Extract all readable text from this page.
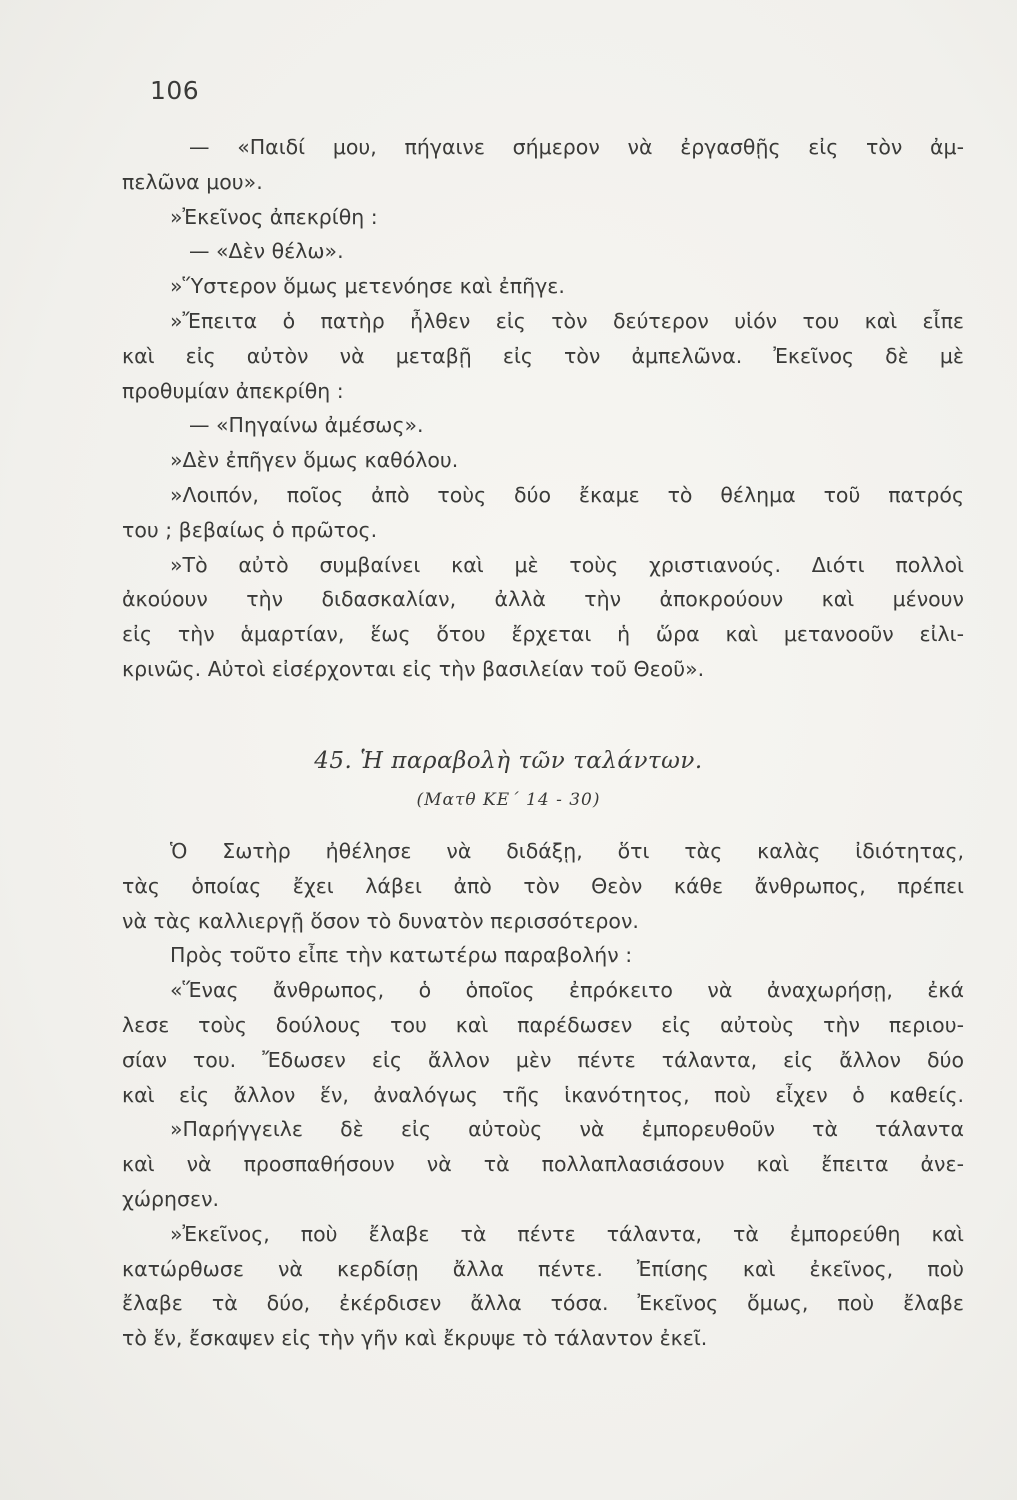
106
— «Παιδί μου, πήγαινε σήμερον νὰ ἐργασθῇς εἰς τὸν ἀμ-
πελῶνα μου».
»Ἐκεῖνος ἀπεκρίθη :
— «Δὲν θέλω».
»Ὕστερον ὅμως μετενόησε καὶ ἐπῆγε.
»Ἔπειτα ὁ πατὴρ ἦλθεν εἰς τὸν δεύτερον υἱόν του καὶ εἶπε
καὶ εἰς αὐτὸν νὰ μεταβῇ εἰς τὸν ἀμπελῶνα. Ἐκεῖνος δὲ μὲ
προθυμίαν ἀπεκρίθη :
— «Πηγαίνω ἀμέσως».
»Δὲν ἐπῆγεν ὅμως καθόλου.
»Λοιπόν, ποῖος ἀπὸ τοὺς δύο ἔκαμε τὸ θέλημα τοῦ πατρός
του ; βεβαίως ὁ πρῶτος.
»Τὸ αὐτὸ συμβαίνει καὶ μὲ τοὺς χριστιανούς. Διότι πολλοὶ
ἀκούουν τὴν διδασκαλίαν, ἀλλὰ τὴν ἀποκρούουν καὶ μένουν
εἰς τὴν ἁμαρτίαν, ἕως ὅτου ἔρχεται ἡ ὥρα καὶ μετανοοῦν εἰλι-
κρινῶς. Αὐτοὶ εἰσέρχονται εἰς τὴν βασιλείαν τοῦ Θεοῦ».
45. Ἡ παραβολὴ τῶν ταλάντων.
(Ματθ ΚΕ΄ 14 - 30)
Ὁ Σωτὴρ ἠθέλησε νὰ διδάξῃ, ὅτι τὰς καλὰς ἰδιότητας,
τὰς ὁποίας ἔχει λάβει ἀπὸ τὸν Θεὸν κάθε ἄνθρωπος, πρέπει
νὰ τὰς καλλιεργῇ ὅσον τὸ δυνατὸν περισσότερον.
Πρὸς τοῦτο εἶπε τὴν κατωτέρω παραβολήν :
«Ἕνας ἄνθρωπος, ὁ ὁποῖος ἐπρόκειτο νὰ ἀναχωρήσῃ, ἐκά
λεσε τοὺς δούλους του καὶ παρέδωσεν εἰς αὐτοὺς τὴν περιου-
σίαν του. Ἔδωσεν εἰς ἄλλον μὲν πέντε τάλαντα, εἰς ἄλλον δύο
καὶ εἰς ἄλλον ἕν, ἀναλόγως τῆς ἱκανότητος, ποὺ εἶχεν ὁ καθείς.
»Παρήγγειλε δὲ εἰς αὐτοὺς νὰ ἐμπορευθοῦν τὰ τάλαντα
καὶ νὰ προσπαθήσουν νὰ τὰ πολλαπλασιάσουν καὶ ἔπειτα ἀνε-
χώρησεν.
»Ἐκεῖνος, ποὺ ἔλαβε τὰ πέντε τάλαντα, τὰ ἐμπορεύθη καὶ
κατώρθωσε νὰ κερδίσῃ ἄλλα πέντε. Ἐπίσης καὶ ἐκεῖνος, ποὺ
ἔλαβε τὰ δύο, ἐκέρδισεν ἄλλα τόσα. Ἐκεῖνος ὅμως, ποὺ ἔλαβε
τὸ ἕν, ἔσκαψεν εἰς τὴν γῆν καὶ ἔκρυψε τὸ τάλαντον ἐκεῖ.
